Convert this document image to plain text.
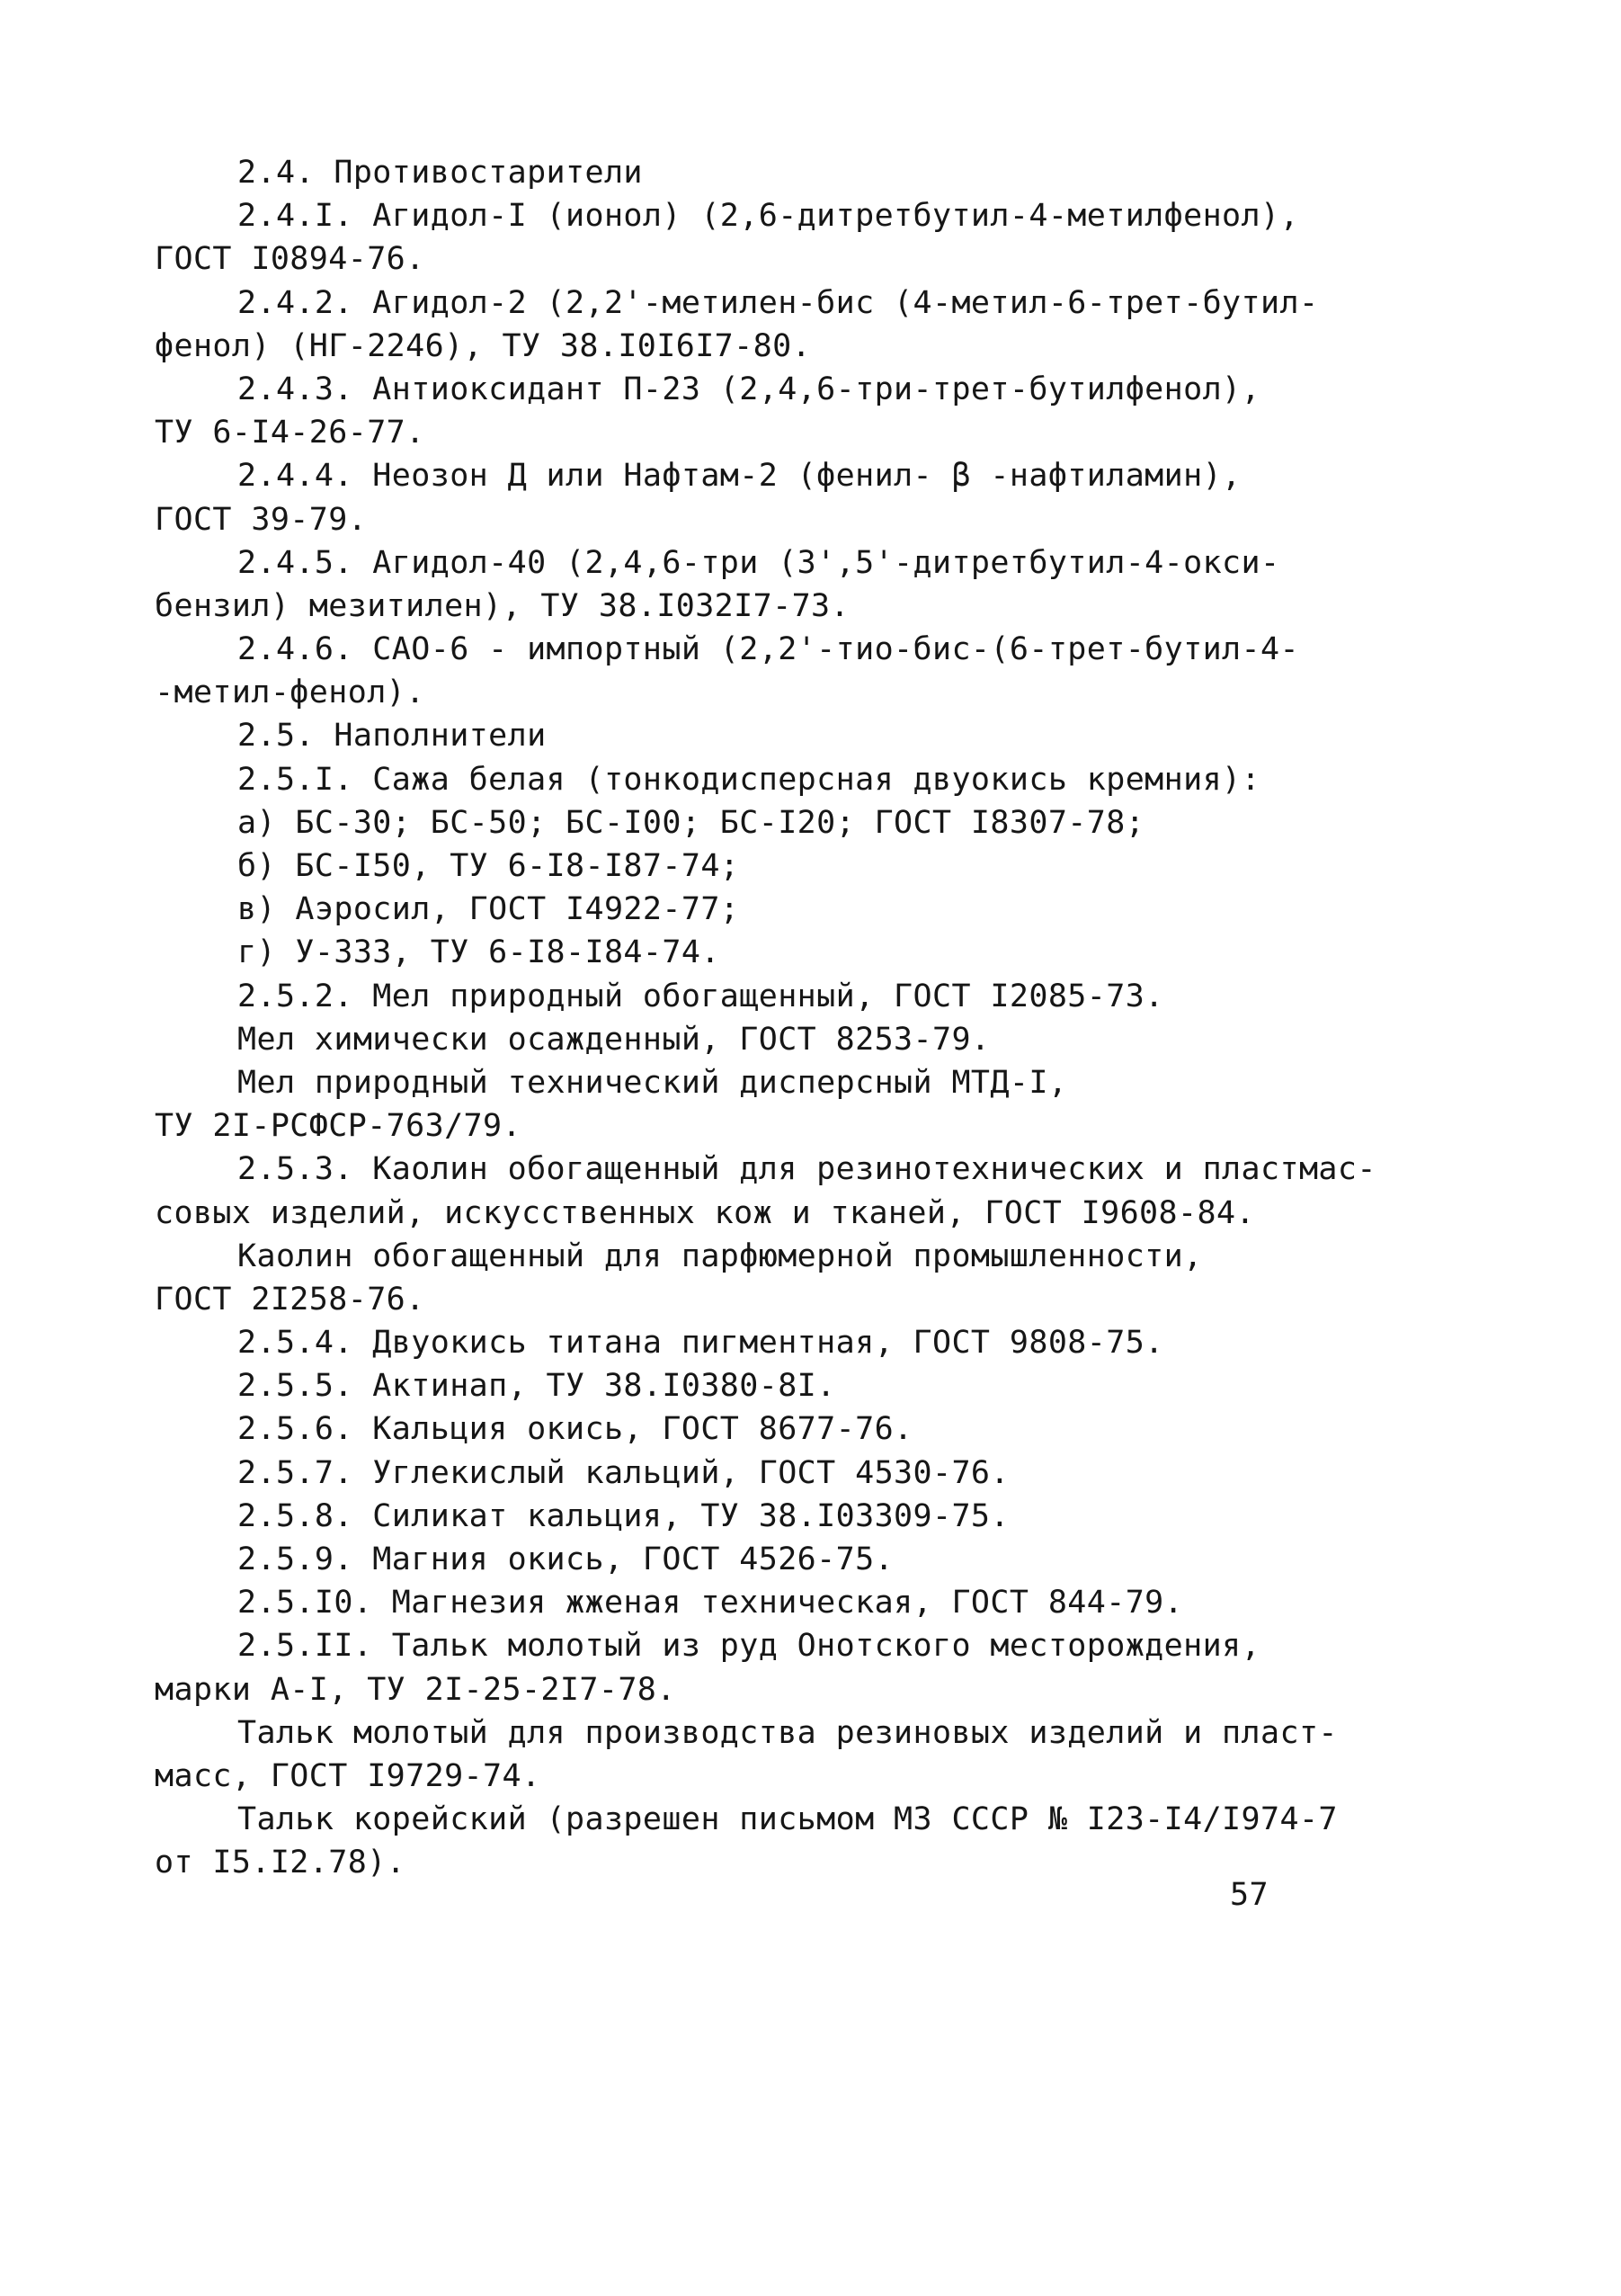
2.4. Противостарители
2.4.I. Агидол-I (ионол) (2,6-дитретбутил-4-метилфенол),
ГОСТ I0894-76.
2.4.2. Агидол-2 (2,2'-метилен-бис (4-метил-6-трет-бутил-
фенол) (НГ-2246), ТУ 38.I0I6I7-80.
2.4.3. Антиоксидант П-23 (2,4,6-три-трет-бутилфенол),
ТУ 6-I4-26-77.
2.4.4. Неозон Д или Нафтам-2 (фенил- β -нафтиламин),
ГОСТ 39-79.
2.4.5. Агидол-40 (2,4,6-три (3',5'-дитретбутил-4-окси-
бензил) мезитилен), ТУ 38.I032I7-73.
2.4.6. САО-6 - импортный (2,2'-тио-бис-(6-трет-бутил-4-
-метил-фенол).
2.5. Наполнители
2.5.I. Сажа белая (тонкодисперсная двуокись кремния):
а) БС-30; БС-50; БС-I00; БС-I20; ГОСТ I8307-78;
б) БС-I50, ТУ 6-I8-I87-74;
в) Аэросил, ГОСТ I4922-77;
г) У-333, ТУ 6-I8-I84-74.
2.5.2. Мел природный обогащенный, ГОСТ I2085-73.
Мел химически осажденный, ГОСТ 8253-79.
Мел природный технический дисперсный МТД-I,
ТУ 2I-РСФСР-763/79.
2.5.3. Каолин обогащенный для резинотехнических и пластмас-
совых изделий, искусственных кож и тканей, ГОСТ I9608-84.
Каолин обогащенный для парфюмерной промышленности,
ГОСТ 2I258-76.
2.5.4. Двуокись титана пигментная, ГОСТ 9808-75.
2.5.5. Актинап, ТУ 38.I0380-8I.
2.5.6. Кальция окись, ГОСТ 8677-76.
2.5.7. Углекислый кальций, ГОСТ 4530-76.
2.5.8. Силикат кальция, ТУ 38.I03309-75.
2.5.9. Магния окись, ГОСТ 4526-75.
2.5.I0. Магнезия жженая техническая, ГОСТ 844-79.
2.5.II. Тальк молотый из руд Онотского месторождения,
марки А-I, ТУ 2I-25-2I7-78.
Тальк молотый для производства резиновых изделий и пласт-
масс, ГОСТ I9729-74.
Тальк корейский (разрешен письмом МЗ СССР № I23-I4/I974-7
от I5.I2.78).
57
